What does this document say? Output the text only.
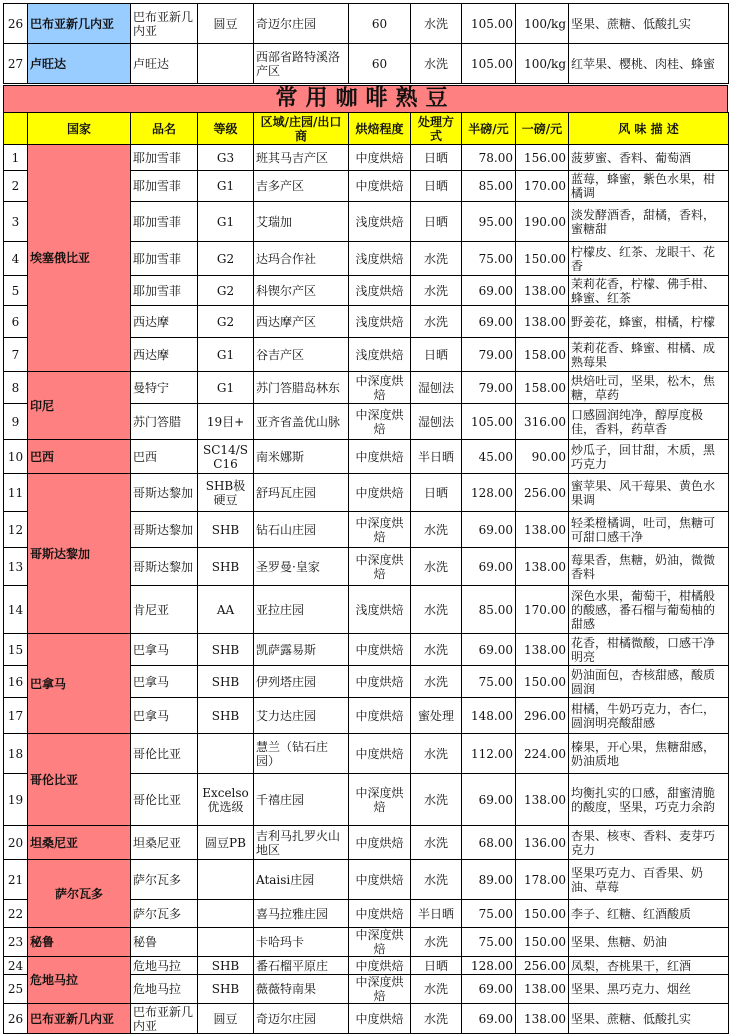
26	巴布亚新几内亚	巴布亚新几内亚	圆豆	奇迈尔庄园	60	水洗	105.00	100/kg	坚果、蔗糖、低酸扎实
27	卢旺达	卢旺达		西部省路特溪洛产区	60	水洗	105.00	100/kg	红苹果、樱桃、肉桂、蜂蜜
常用咖啡熟豆
	国家	品名	等级	区域/庄园/出口商	烘焙程度	处理方式	半磅/元	一磅/元	风 味 描 述
1	埃塞俄比亚	耶加雪菲	G3	班其马吉产区	中度烘焙	日晒	78.00	156.00	菠萝蜜、香料、葡萄酒
2		耶加雪菲	G1	吉多产区	中度烘焙	日晒	85.00	170.00	蓝莓，蜂蜜，紫色水果，柑橘调
3		耶加雪菲	G1	艾瑞加	浅度烘焙	日晒	95.00	190.00	淡发酵酒香，甜橘，香料，蜜糖甜
4		耶加雪菲	G2	达玛合作社	浅度烘焙	水洗	75.00	150.00	柠檬皮、红茶、龙眼干、花香
5		耶加雪菲	G2	科锲尔产区	浅度烘焙	水洗	69.00	138.00	茉莉花香，柠檬、佛手柑、蜂蜜、红茶
6		西达摩	G2	西达摩产区	浅度烘焙	水洗	69.00	138.00	野姜花，蜂蜜，柑橘，柠檬
7		西达摩	G1	谷吉产区	浅度烘焙	日晒	79.00	158.00	茉莉花香、蜂蜜、柑橘、成熟莓果
8	印尼	曼特宁	G1	苏门答腊岛林东	中深度烘焙	湿刨法	79.00	158.00	烘焙吐司，坚果，松木，焦糖，草药
9		苏门答腊	19目+	亚齐省盖优山脉	中深度烘焙	湿刨法	105.00	316.00	口感圆润纯净，醇厚度极佳，香料，药草香
10	巴西	巴西	SC14/SC16	南米娜斯	中度烘焙	半日晒	45.00	90.00	炒瓜子，回甘甜，木质，黑巧克力
11	哥斯达黎加	哥斯达黎加	SHB极硬豆	舒玛瓦庄园	中度烘焙	日晒	128.00	256.00	蜜苹果、风干莓果、黄色水果调
12		哥斯达黎加	SHB	钻石山庄园	中深度烘焙	水洗	69.00	138.00	轻柔橙橘调，吐司，焦糖可可甜口感干净
13		哥斯达黎加	SHB	圣罗曼·皇家	中深度烘焙	水洗	69.00	138.00	莓果香，焦糖，奶油，微微香料
14		肯尼亚	AA	亚拉庄园	浅度烘焙	水洗	85.00	170.00	深色水果，葡萄干，柑橘般的酸感，番石榴与葡萄柚的甜感
15	巴拿马	巴拿马	SHB	凯萨露易斯	中度烘焙	水洗	69.00	138.00	花香，柑橘微酸，口感干净明亮
16		巴拿马	SHB	伊列塔庄园	中度烘焙	水洗	75.00	150.00	奶油面包，杏核甜感，酸质圆润
17		巴拿马	SHB	艾力达庄园	中度烘焙	蜜处理	148.00	296.00	柑橘，牛奶巧克力，杏仁，圆润明亮酸甜感
18	哥伦比亚	哥伦比亚		慧兰（钻石庄园）	中度烘焙	水洗	112.00	224.00	榛果，开心果，焦糖甜感，奶油质地
19		哥伦比亚	Excelso优选级	千禧庄园	中深度烘焙	水洗	69.00	138.00	均衡扎实的口感，甜蜜清脆的酸度，坚果，巧克力余韵
20	坦桑尼亚	坦桑尼亚	圆豆PB	吉利马扎罗火山地区	中度烘焙	水洗	68.00	136.00	杏果、核枣、香料、麦芽巧克力
21	萨尔瓦多	萨尔瓦多		Ataisi庄园	中度烘焙	水洗	89.00	178.00	坚果巧克力、百香果、奶油、草莓
22		萨尔瓦多		喜马拉雅庄园	中度烘焙	半日晒	75.00	150.00	李子、红糖、红酒酸质
23	秘鲁	秘鲁		卡哈玛卡	中深度烘焙	水洗	75.00	150.00	坚果、焦糖、奶油
24	危地马拉	危地马拉	SHB	番石榴平原庄	中度烘焙	日晒	128.00	256.00	凤梨，杏桃果干，红酒
25		危地马拉	SHB	薇薇特南果	中深度烘焙	水洗	69.00	138.00	坚果、黑巧克力、烟丝
26	巴布亚新几内亚	巴布亚新几内亚	圆豆	奇迈尔庄园	中度烘焙	水洗	69.00	138.00	坚果、蔗糖、低酸扎实
